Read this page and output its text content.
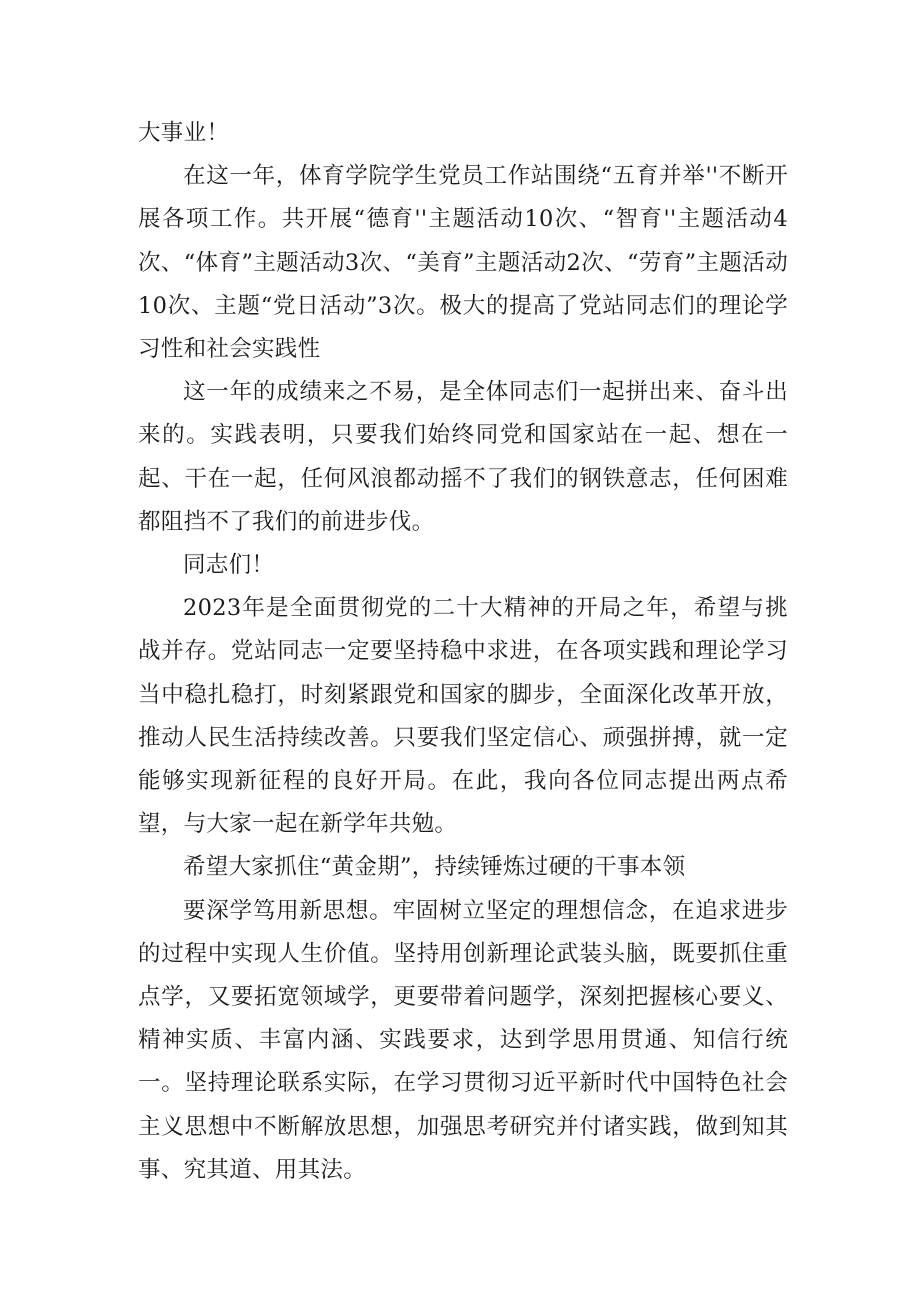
大事业！

在这一年，体育学院学生党员工作站围绕“五育并举''不断开展各项工作。共开展“德育''主题活动10次、“智育''主题活动4次、“体育”主题活动3次、“美育”主题活动2次、“劳育”主题活动10次、主题“党日活动”3次。极大的提高了党站同志们的理论学习性和社会实践性

这一年的成绩来之不易，是全体同志们一起拼出来、奋斗出来的。实践表明，只要我们始终同党和国家站在一起、想在一起、干在一起，任何风浪都动摇不了我们的钢铁意志，任何困难都阻挡不了我们的前进步伐。

同志们！

2023年是全面贯彻党的二十大精神的开局之年，希望与挑战并存。党站同志一定要坚持稳中求进，在各项实践和理论学习当中稳扎稳打，时刻紧跟党和国家的脚步，全面深化改革开放，推动人民生活持续改善。只要我们坚定信心、顽强拼搏，就一定能够实现新征程的良好开局。在此，我向各位同志提出两点希望，与大家一起在新学年共勉。

希望大家抓住“黄金期”，持续锤炼过硬的干事本领

要深学笃用新思想。牢固树立坚定的理想信念，在追求进步的过程中实现人生价值。坚持用创新理论武装头脑，既要抓住重点学，又要拓宽领域学，更要带着问题学，深刻把握核心要义、精神实质、丰富内涵、实践要求，达到学思用贯通、知信行统一。坚持理论联系实际，在学习贯彻习近平新时代中国特色社会主义思想中不断解放思想，加强思考研究并付诸实践，做到知其事、究其道、用其法。
